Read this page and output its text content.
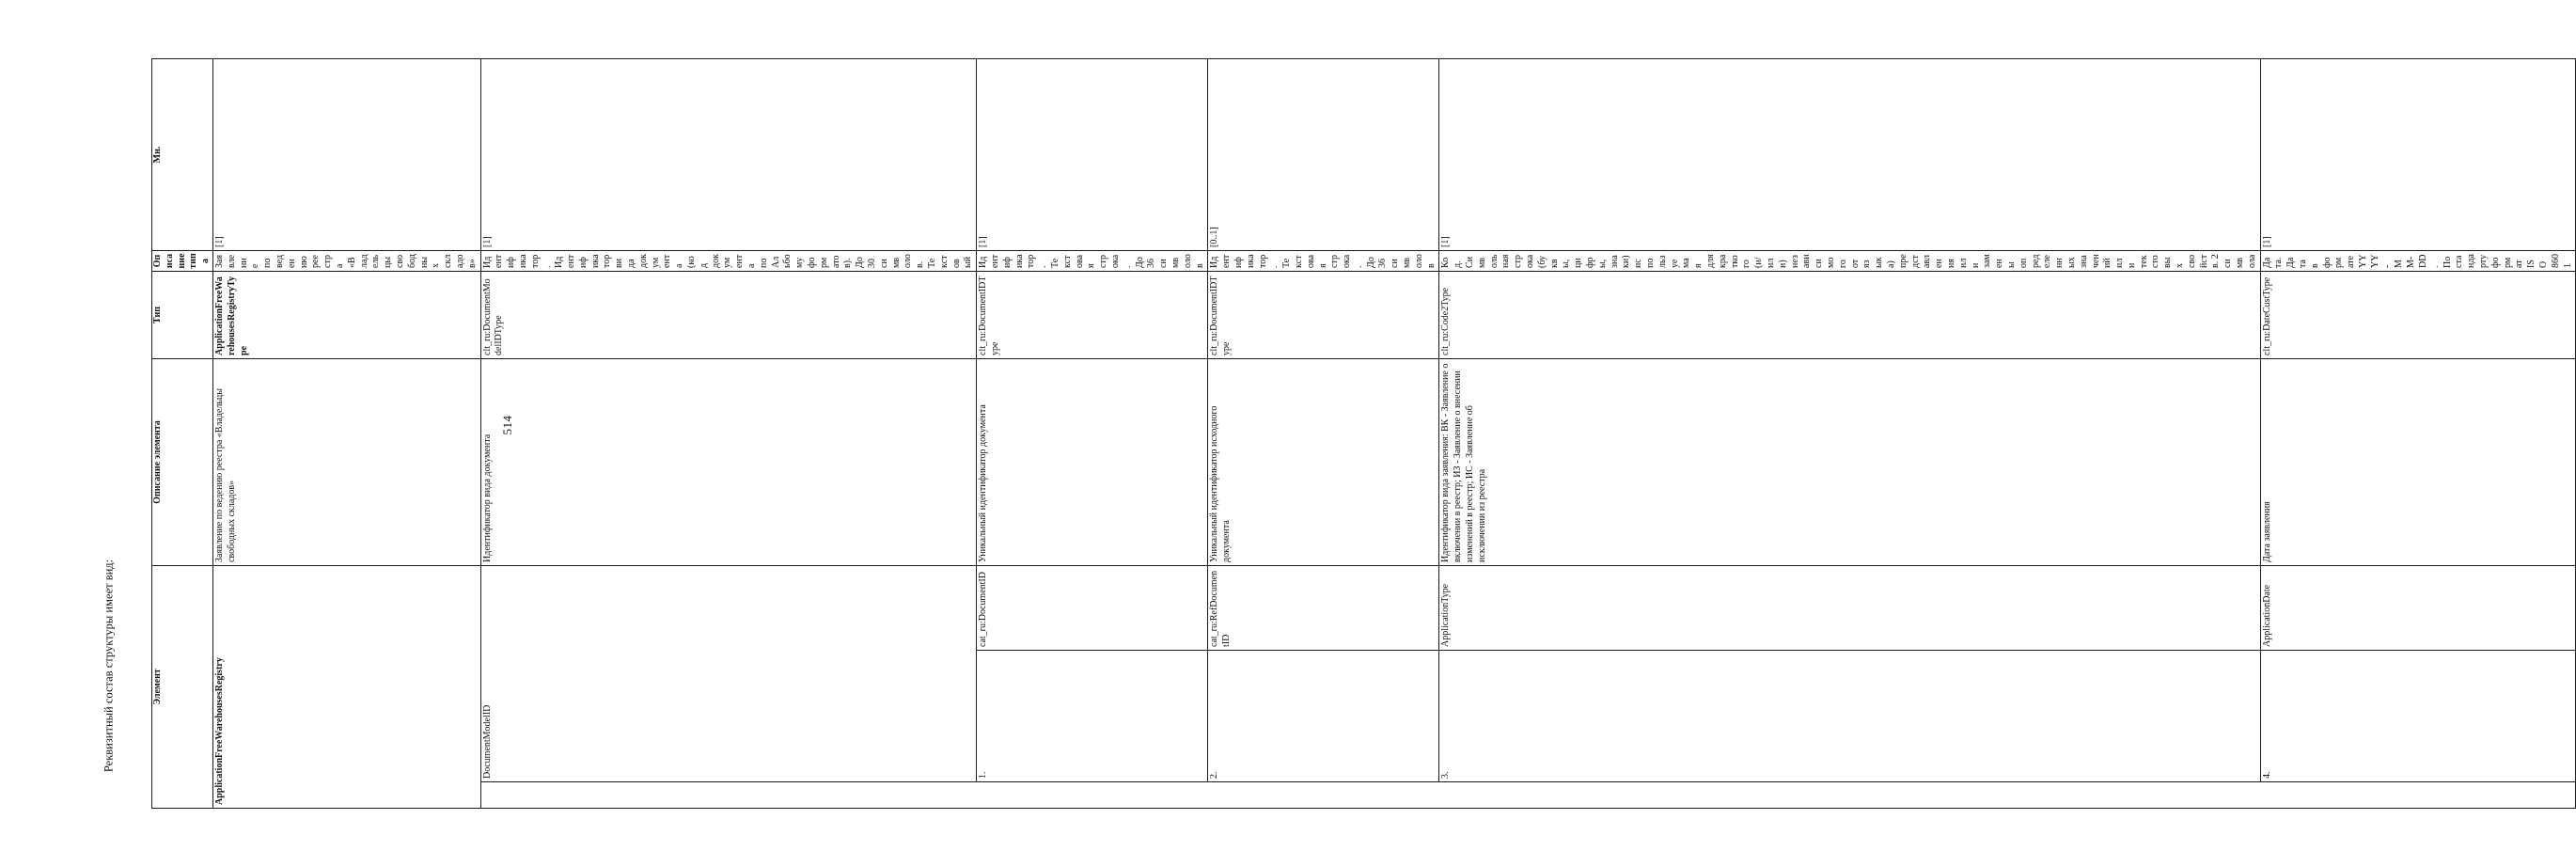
514
Реквизитный состав структуры имеет вид:	Элемент			Описание элемента	Тип	Описание типа	Мн.
ApplicationFreeWarehousesRegistry			Заявление по ведению реестра «Владельцы свободных складов»	ApplicationFreeWarehousesRegistryType	Заявление по ведению реестра «Владельцы свободных складов»	[1]
	DocumentModelID		Идентификатор вида документа	clt_ru:DocumentModelIDType	Идентификатор. Идентификатор вида документа (код документа по Альбому форматов). До 30 символов. Текстовый	[1]
	1.	cat_ru:DocumentID	Уникальный идентификатор документа	clt_ru:DocumentIDType	Идентификатор. Текстовая строка. До 36 символов	[1]
	2.	cat_ru:RefDocumentID	Уникальный идентификатор исходного документа	clt_ru:DocumentIDType	Идентификатор. Текстовая строка. До 36 символов	[0..1]
	3.	ApplicationType	Идентификатор вида заявления: ВК - Заявление о включении в реестр; ИЗ - Заявление о внесении изменений в реестр; ИС - Заявление об исключении из реестра	clt_ru:Code2Type	Код. Символьная строка (буквы, цифры, знаки) используемая для краткого (и/или) независимого от языка) представления или замены определенных значений или текстовых свойств. 2 символа	[1]
	4.	ApplicationDate	Дата заявления	clt_ru:DateCustType	Дата. Дата в формате YYYY-MM-DD. По стандарту формат ISO 8601	[1]
